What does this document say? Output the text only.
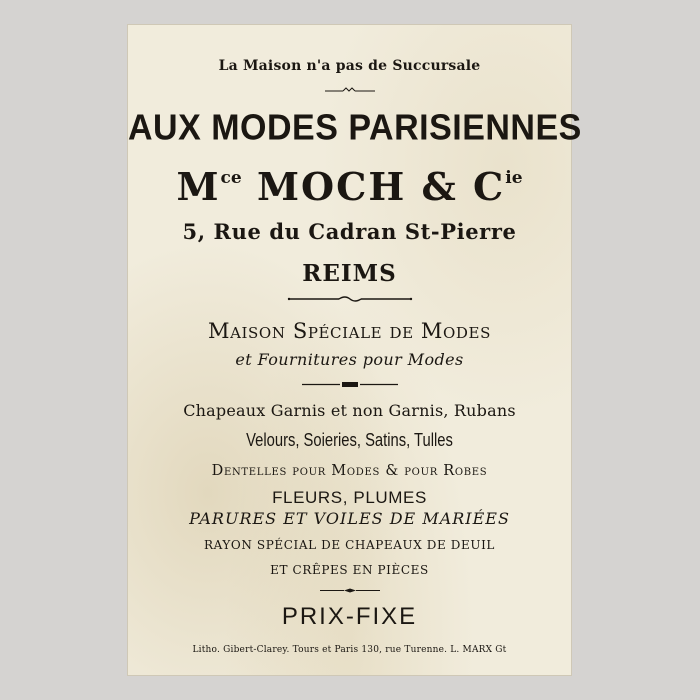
La Maison n'a pas de Succursale
AUX MODES PARISIENNES
$M^{ce}$ MOCH & $C^{ie}$
5, Rue du Cadran St-Pierre
REIMS
Maison Spéciale de Modes
et Fournitures pour Modes
Chapeaux Garnis et non Garnis, Rubans
Velours, Soieries, Satins, Tulles
Dentelles pour Modes & pour Robes
FLEURS, PLUMES
PARURES ET VOILES DE MARIÉES
RAYON SPÉCIAL DE CHAPEAUX DE DEUIL
ET CRÊPES EN PIÈCES
PRIX-FIXE
Litho. Gibert-Clarey. Tours et Paris 130, rue Turenne. L. MARX Gt
